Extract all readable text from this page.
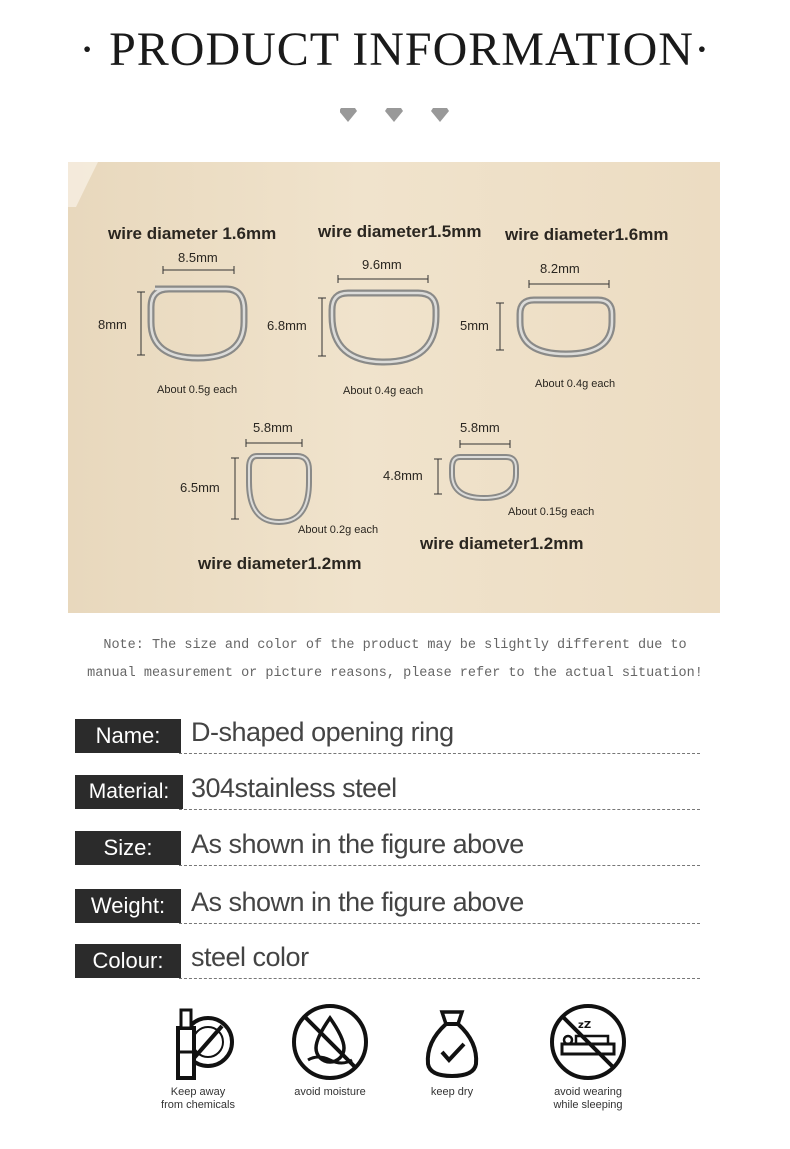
· PRODUCT INFORMATION·
wire diameter 1.6mm wire diameter1.5mm wire diameter1.6mm
8.5mm
8mm
About 0.5g each
9.6mm
6.8mm
About 0.4g each
8.2mm
5mm
About 0.4g each
5.8mm
6.5mm
About 0.2g each
wire diameter1.2mm
5.8mm
4.8mm
About 0.15g each
wire diameter1.2mm
Note: The size and color of the product may be slightly different due to
manual measurement or picture reasons, please refer to the actual situation!
Name:	D-shaped opening ring
Material: 304stainless steel
Size:	As shown in the figure above
Weight: As shown in the figure above
Colour:	steel color
Keep away
from chemicals
avoid moisture	keep dry
zZ
avoid wearing
while sleeping
